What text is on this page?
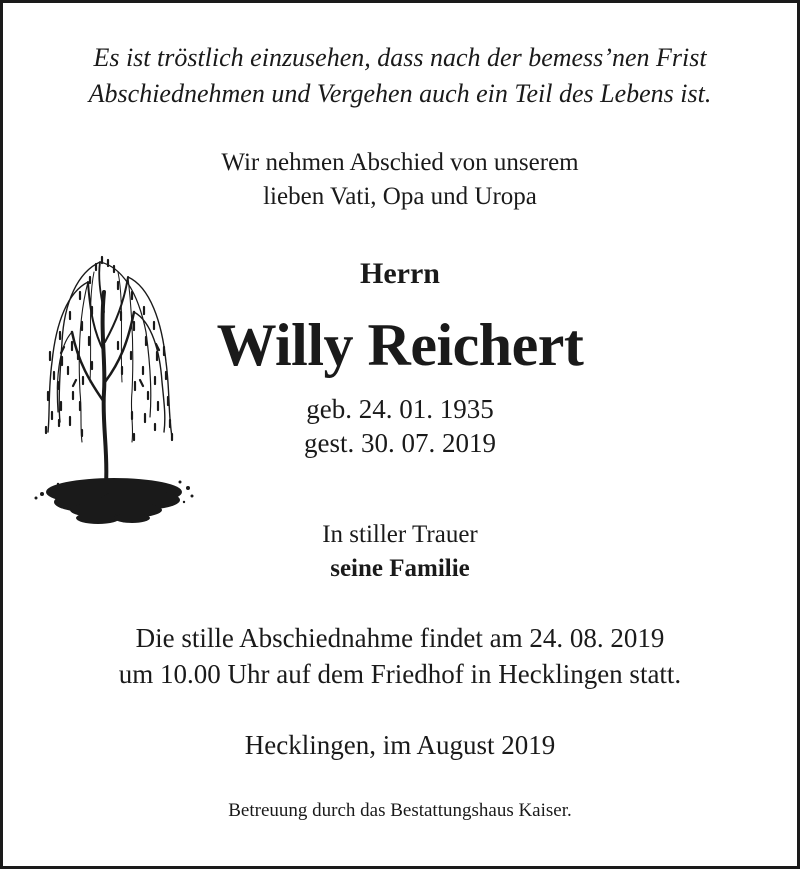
Es ist tröstlich einzusehen, dass nach der bemess’nen Frist
Abschiednehmen und Vergehen auch ein Teil des Lebens ist.
Wir nehmen Abschied von unserem
lieben Vati, Opa und Uropa
Herrn
Willy Reichert
geb. 24. 01. 1935
gest. 30. 07. 2019
In stiller Trauer
seine Familie
Die stille Abschiednahme findet am 24. 08. 2019
um 10.00 Uhr auf dem Friedhof in Hecklingen statt.
Hecklingen, im August 2019
Betreuung durch das Bestattungshaus Kaiser.
